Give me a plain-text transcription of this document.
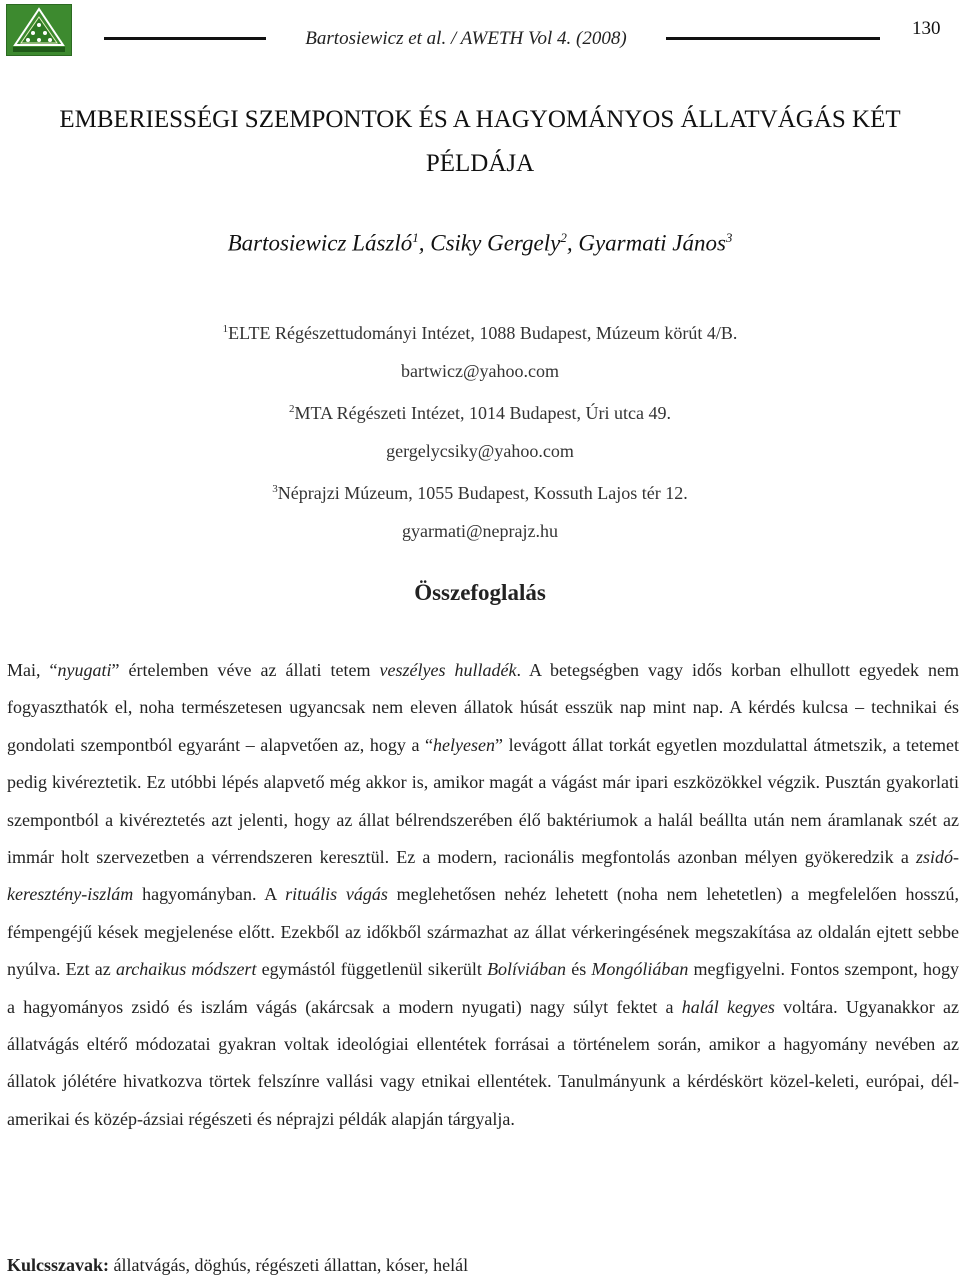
Bartosiewicz et al. / AWETH Vol 4. (2008)	130
EMBERIESSÉGI SZEMPONTOK ÉS A HAGYOMÁNYOS ÁLLATVÁGÁS KÉT
PÉLDÁJA
Bartosiewicz László$^1$, Csiky Gergely$^2$, Gyarmati János$^3$
$^1$ELTE Régészettudományi Intézet, 1088 Budapest, Múzeum körút 4/B.
bartwicz@yahoo.com
$^2$MTA Régészeti Intézet, 1014 Budapest, Úri utca 49.
gergelycsiky@yahoo.com
$^3$Néprajzi Múzeum, 1055 Budapest, Kossuth Lajos tér 12.
gyarmati@neprajz.hu
Összefoglalás
Mai, “nyugati” értelemben véve az állati tetem veszélyes hulladék. A betegségben vagy idős korban elhullott egyedek nem fogyaszthatók el, noha természetesen ugyancsak nem eleven állatok húsát esszük nap mint nap. A kérdés kulcsa – technikai és gondolati szempontból egyaránt – alapvetően az, hogy a “helyesen” levágott állat torkát egyetlen mozdulattal átmetszik, a tetemet pedig kivéreztetik. Ez utóbbi lépés alapvető még akkor is, amikor magát a vágást már ipari eszközökkel végzik. Pusztán gyakorlati szempontból a kivéreztetés azt jelenti, hogy az állat bélrendszerében élő baktériumok a halál beállta után nem áramlanak szét az immár holt szervezetben a vérrendszeren keresztül. Ez a modern, racionális megfontolás azonban mélyen gyökeredzik a zsidó-keresztény-iszlám hagyományban. A rituális vágás meglehetősen nehéz lehetett (noha nem lehetetlen) a megfelelően hosszú, fémpengéjű kések megjelenése előtt. Ezekből az időkből származhat az állat vérkeringésének megszakítása az oldalán ejtett sebbe nyúlva. Ezt az archaikus módszert egymástól függetlenül sikerült Bolíviában és Mongóliában megfigyelni. Fontos szempont, hogy a hagyományos zsidó és iszlám vágás (akárcsak a modern nyugati) nagy súlyt fektet a halál kegyes voltára. Ugyanakkor az állatvágás eltérő módozatai gyakran voltak ideológiai ellentétek forrásai a történelem során, amikor a hagyomány nevében az állatok jólétére hivatkozva törtek felszínre vallási vagy etnikai ellentétek. Tanulmányunk a kérdéskört közel-keleti, európai, dél-amerikai és közép-ázsiai régészeti és néprajzi példák alapján tárgyalja.
Kulcsszavak: állatvágás, döghús, régészeti állattan, kóser, helál
